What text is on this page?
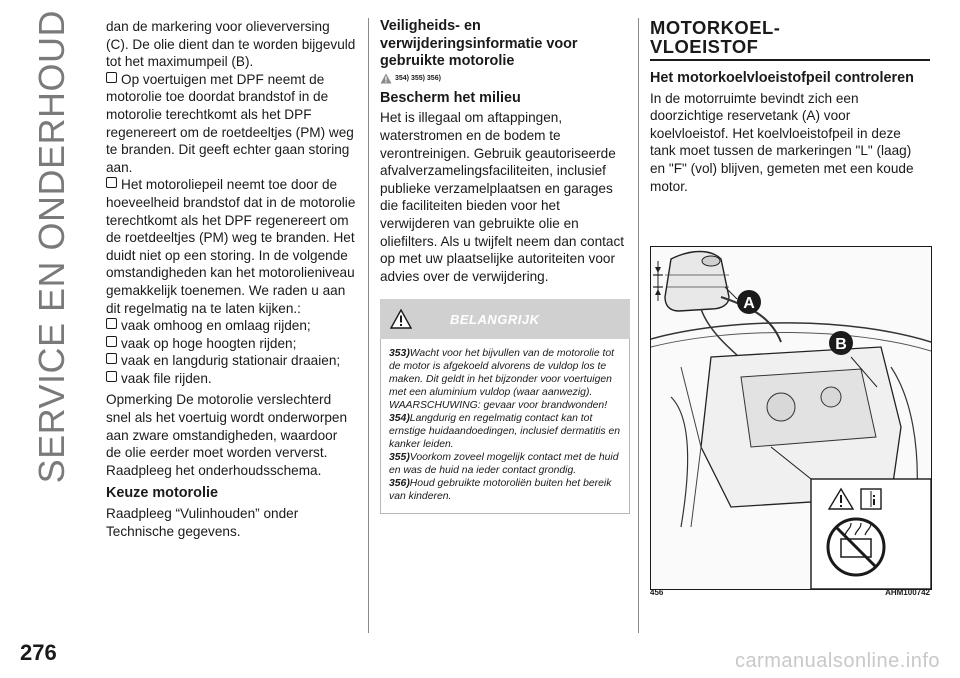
SERVICE EN ONDERHOUD
276	carmanualsonline.info

dan de markering voor olieverversing (C). De olie dient dan te worden bijgevuld tot het maximumpeil (B).

Op voertuigen met DPF neemt de motorolie toe doordat brandstof in de motorolie terechtkomt als het DPF regenereert om de roetdeeltjes (PM) weg te branden. Dit geeft echter gaan storing aan.

Het motoroliepeil neemt toe door de hoeveelheid brandstof dat in de motorolie terechtkomt als het DPF regenereert om de roetdeeltjes (PM) weg te branden. Het duidt niet op een storing. In de volgende omstandigheden kan het motorolieniveau gemakkelijk toenemen. We raden u aan dit regelmatig na te laten kijken.:

vaak omhoog en omlaag rijden;

vaak op hoge hoogten rijden;

vaak en langdurig stationair draaien;

vaak file rijden.

Opmerking De motorolie verslechterd snel als het voertuig wordt onderworpen aan zware omstandigheden, waardoor de olie eerder moet worden ververst. Raadpleeg het onderhoudsschema.

Keuze motorolie

Raadpleeg “Vulinhouden” onder Technische gegevens.

Veiligheids- en verwijderingsinformatie voor gebruikte motorolie
354) 355) 356)
Bescherm het milieu

Het is illegaal om aftappingen, waterstromen en de bodem te verontreinigen. Gebruik geautoriseerde afvalverzamelingsfaciliteiten, inclusief publieke verzamelplaatsen en garages die faciliteiten bieden voor het verwijderen van gebruikte olie en oliefilters. Als u twijfelt neem dan contact op met uw plaatselijke autoriteiten voor advies over de verwijdering.

BELANGRIJK
353)Wacht voor het bijvullen van de motorolie tot de motor is afgekoeld alvorens de vuldop los te maken. Dit geldt in het bijzonder voor voertuigen met een aluminium vuldop (waar aanwezig). WAARSCHUWING: gevaar voor brandwonden!
354)Langdurig en regelmatig contact kan tot ernstige huidaandoedingen, inclusief dermatitis en kanker leiden.
355)Voorkom zoveel mogelijk contact met de huid en was de huid na ieder contact grondig.
356)Houd gebruikte motoroliën buiten het bereik van kinderen.
MOTORKOEL-
VLOEISTOF
Het motorkoelvloeistofpeil controleren

In de motorruimte bevindt zich een doorzichtige reservetank (A) voor koelvloeistof. Het koelvloeistofpeil in deze tank moet tussen de markeringen "L" (laag) en "F" (vol) blijven, gemeten met een koude motor.

A
B
456	AHM100742
